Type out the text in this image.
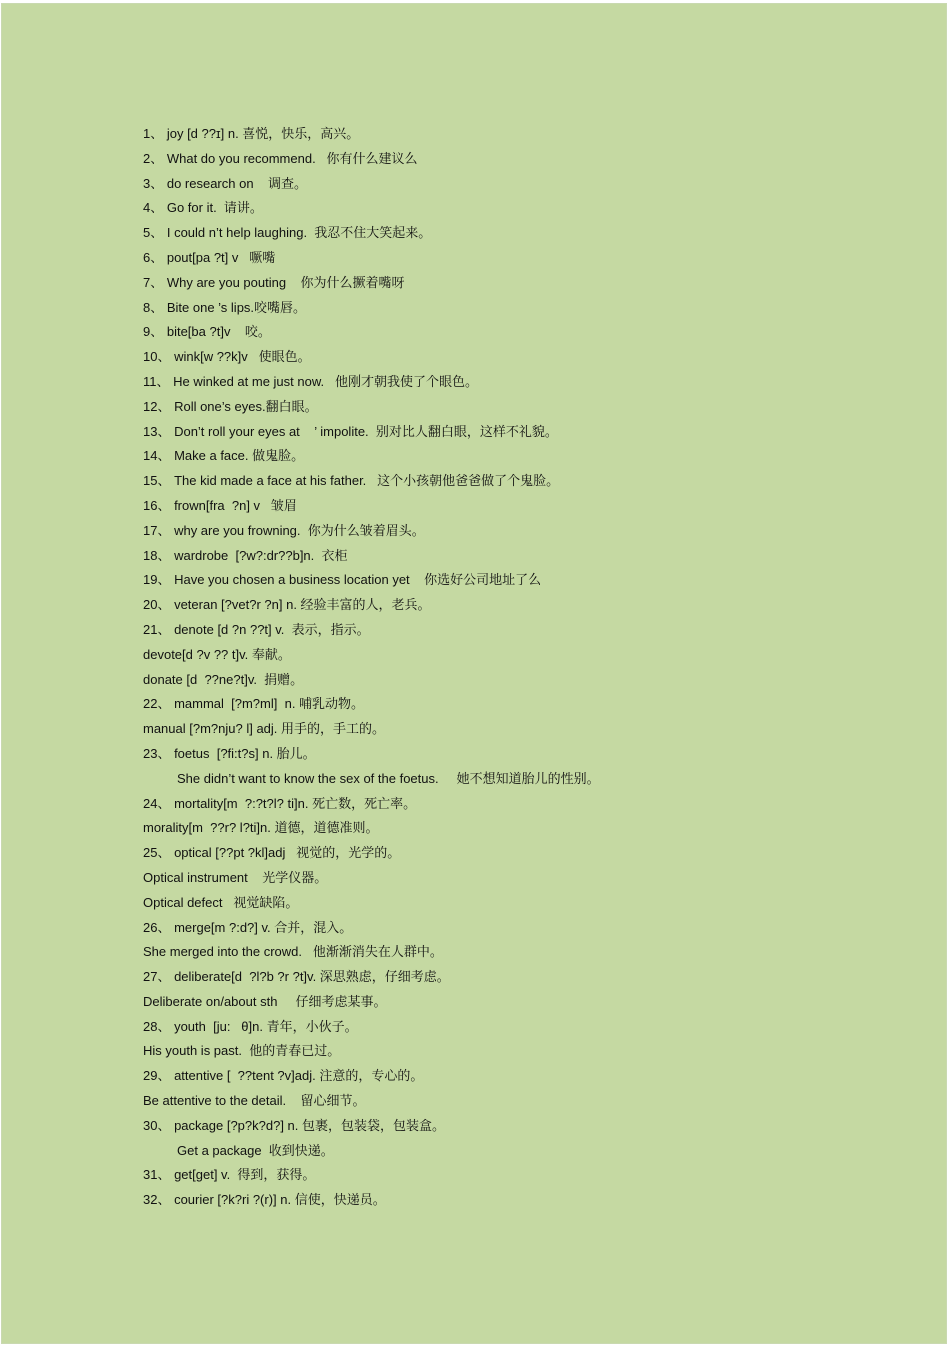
1、 joy [d ??ɪ] n. 喜悦，快乐，高兴。
2、 What do you recommend.   你有什么建议么
3、 do research on    调查。
4、 Go for it.  请讲。
5、 I could n’t help laughing.  我忍不住大笑起来。
6、 pout[pa ?t] v   噘嘴
7、 Why are you pouting    你为什么撅着嘴呀
8、 Bite one ’s lips.咬嘴唇。
9、 bite[ba ?t]v    咬。
10、 wink[w ??k]v   使眼色。
11、 He winked at me just now.   他刚才朝我使了个眼色。
12、 Roll one’s eyes.翻白眼。
13、 Don’t roll your eyes at    ’ impolite.  别对比人翻白眼，这样不礼貌。
14、 Make a face. 做鬼脸。
15、 The kid made a face at his father.   这个小孩朝他爸爸做了个鬼脸。
16、 frown[fra  ?n] v   皱眉
17、 why are you frowning.  你为什么皱着眉头。
18、 wardrobe  [?w?:dr??b]n.  衣柜
19、 Have you chosen a business location yet    你选好公司地址了么
20、 veteran [?vet?r ?n] n. 经验丰富的人，老兵。
21、 denote [d ?n ??t] v.  表示，指示。
devote[d ?v ?? t]v. 奉献。
donate [d  ??ne?t]v.  捐赠。
22、 mammal  [?m?ml]  n. 哺乳动物。
manual [?m?nju? l] adj. 用手的，手工的。
23、 foetus  [?fi:t?s] n. 胎儿。
She didn’t want to know the sex of the foetus.     她不想知道胎儿的性别。
24、 mortality[m  ?:?t?l? ti]n. 死亡数，死亡率。
morality[m  ??r? l?ti]n. 道德，道德准则。
25、 optical [??pt ?kl]adj   视觉的，光学的。
Optical instrument    光学仪器。
Optical defect   视觉缺陷。
26、 merge[m ?:d?] v. 合并，混入。
She merged into the crowd.   他渐渐消失在人群中。
27、 deliberate[d  ?l?b ?r ?t]v. 深思熟虑，仔细考虑。
Deliberate on/about sth     仔细考虑某事。
28、 youth  [ju:   θ]n. 青年，小伙子。
His youth is past.  他的青春已过。
29、 attentive [  ??tent ?v]adj. 注意的，专心的。
Be attentive to the detail.    留心细节。
30、 package [?p?k?d?] n. 包裹，包装袋，包装盒。
Get a package  收到快递。
31、 get[get] v.  得到，获得。
32、 courier [?k?ri ?(r)] n. 信使，快递员。
